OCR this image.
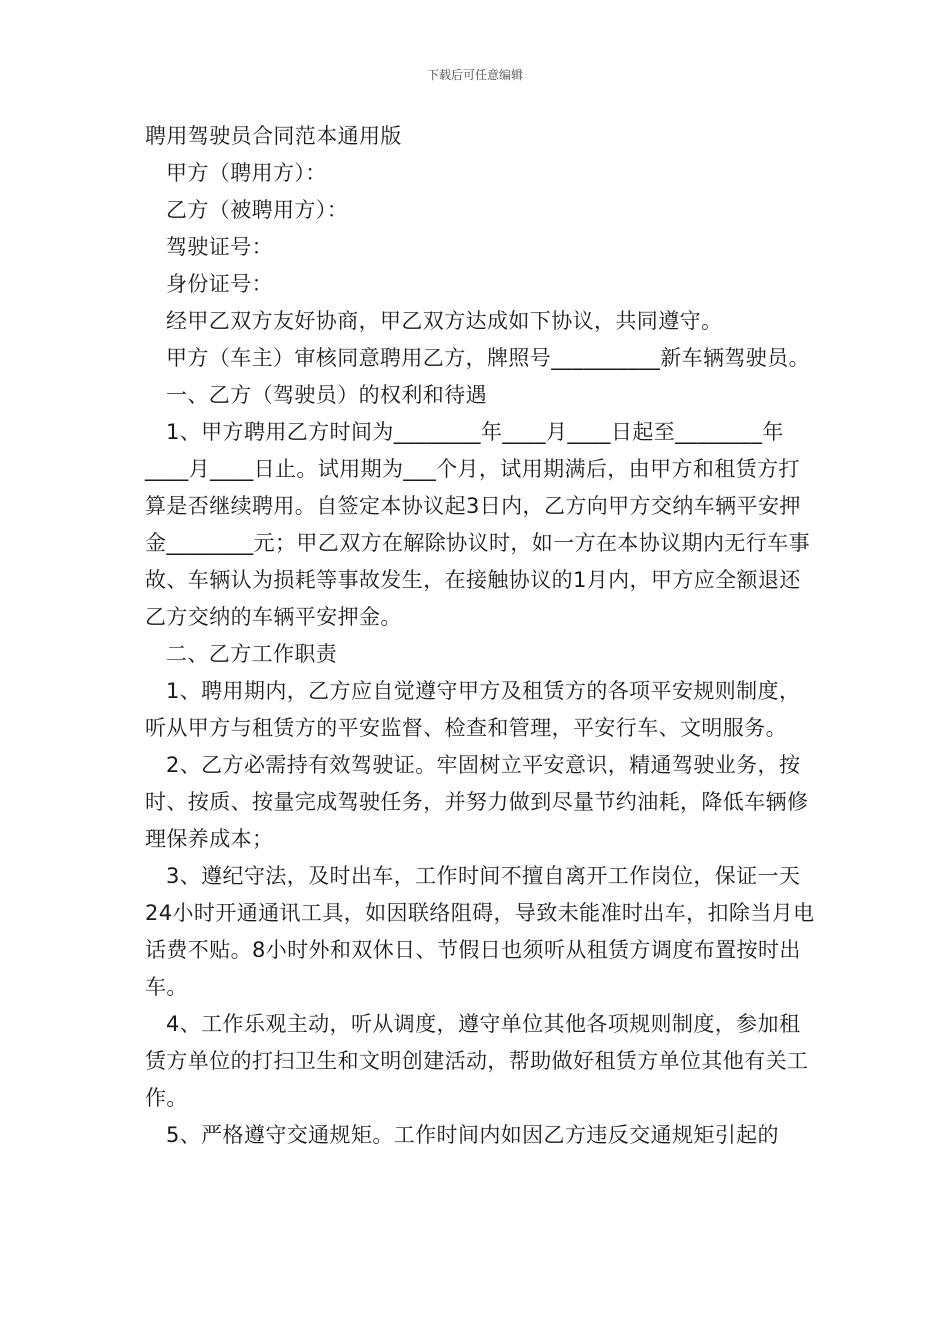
下载后可任意编辑

聘用驾驶员合同范本通用版

甲方（聘用方）：

乙方（被聘用方）：

驾驶证号：

身份证号：

经甲乙双方友好协商，甲乙双方达成如下协议，共同遵守。

甲方（车主）审核同意聘用乙方，牌照号__________新车辆驾驶员。

一、乙方（驾驶员）的权利和待遇

1、甲方聘用乙方时间为________年____月____日起至________年____月____日止。试用期为___个月，试用期满后，由甲方和租赁方打算是否继续聘用。自签定本协议起3日内，乙方向甲方交纳车辆平安押金________元；甲乙双方在解除协议时，如一方在本协议期内无行车事故、车辆认为损耗等事故发生，在接触协议的1月内，甲方应全额退还乙方交纳的车辆平安押金。

二、乙方工作职责

1、聘用期内，乙方应自觉遵守甲方及租赁方的各项平安规则制度，听从甲方与租赁方的平安监督、检查和管理，平安行车、文明服务。

2、乙方必需持有效驾驶证。牢固树立平安意识，精通驾驶业务，按时、按质、按量完成驾驶任务，并努力做到尽量节约油耗，降低车辆修理保养成本；

3、遵纪守法，及时出车，工作时间不擅自离开工作岗位，保证一天24小时开通通讯工具，如因联络阻碍，导致未能准时出车，扣除当月电话费不贴。8小时外和双休日、节假日也须听从租赁方调度布置按时出车。

4、工作乐观主动，听从调度，遵守单位其他各项规则制度，参加租赁方单位的打扫卫生和文明创建活动，帮助做好租赁方单位其他有关工作。

5、严格遵守交通规矩。工作时间内如因乙方违反交通规矩引起的
